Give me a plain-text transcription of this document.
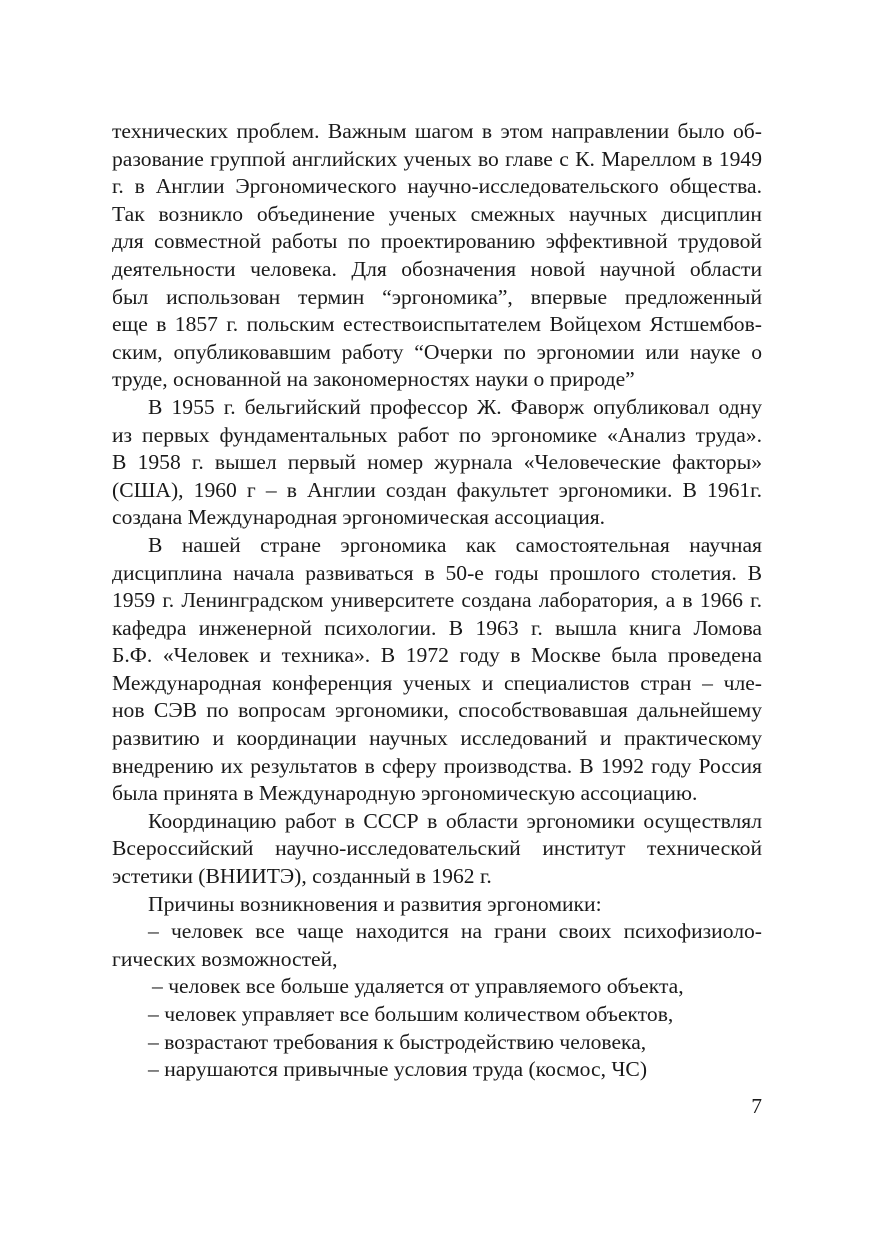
технических проблем. Важным шагом в этом направлении было об-
разование группой английских ученых во главе с К. Мареллом в 1949
г. в Англии Эргономического научно-исследовательского общества.
Так возникло объединение ученых смежных научных дисциплин
для совместной работы по проектированию эффективной трудовой
деятельности человека. Для обозначения новой научной области
был использован термин “эргономика”, впервые предложенный
еще в 1857 г. польским естествоиспытателем Войцехом Ястшембов-
ским, опубликовавшим работу “Очерки по эргономии или науке о
труде, основанной на закономерностях науки о природе”
В 1955 г. бельгийский профессор Ж. Фаворж опубликовал одну
из первых фундаментальных работ по эргономике «Анализ труда».
В 1958 г. вышел первый номер журнала «Человеческие факторы»
(США), 1960 г – в Англии создан факультет эргономики. В 1961г.
создана Международная эргономическая ассоциация.
В нашей стране эргономика как самостоятельная научная
дисциплина начала развиваться в 50-е годы прошлого столетия. В
1959 г. Ленинградском университете создана лаборатория, а в 1966 г.
кафедра инженерной психологии. В 1963 г. вышла книга Ломова
Б.Ф. «Человек и техника». В 1972 году в Москве была проведена
Международная конференция ученых и специалистов стран – чле-
нов СЭВ по вопросам эргономики, способствовавшая дальнейшему
развитию и координации научных исследований и практическому
внедрению их результатов в сферу производства. В 1992 году Россия
была принята в Международную эргономическую ассоциацию.
Координацию работ в СССР в области эргономики осуществлял
Всероссийский научно-исследовательский институт технической
эстетики (ВНИИТЭ), созданный в 1962 г.
Причины возникновения и развития эргономики:
– человек все чаще находится на грани своих психофизиоло-
гических возможностей,
– человек все больше удаляется от управляемого объекта,
– человек управляет все большим количеством объектов,
– возрастают требования к быстродействию человека,
– нарушаются привычные условия труда (космос, ЧС)
7
